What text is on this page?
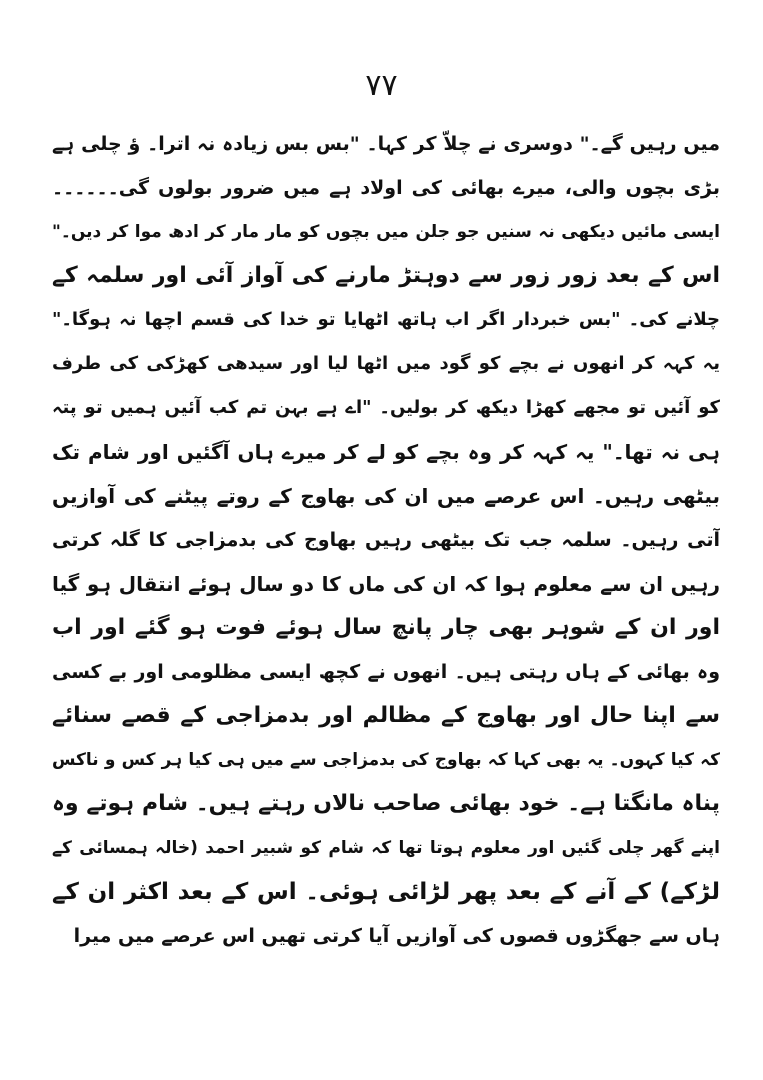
۷۷
میں رہیں گے۔" دوسری نے چلاّ کر کہا۔ "بس بس زیادہ نہ اترا۔ ؤ چلی ہے
بڑی بچوں والی، میرے بھائی کی اولاد ہے میں ضرور بولوں گی۔۔۔۔۔۔
ایسی مائیں دیکھی نہ سنیں جو جلن میں بچوں کو مار مار کر ادھ موا کر دیں۔"
اس کے بعد زور زور سے دوہتڑ مارنے کی آواز آئی اور سلمہ کے
چلانے کی۔ "بس خبردار اگر اب ہاتھ اٹھایا تو خدا کی قسم اچھا نہ ہوگا۔"
یہ کہہ کر انھوں نے بچے کو گود میں اٹھا لیا اور سیدھی کھڑکی کی طرف
کو آئیں تو مجھے کھڑا دیکھ کر بولیں۔ "اے ہے بہن تم کب آئیں ہمیں تو پتہ
ہی نہ تھا۔" یہ کہہ کر وہ بچے کو لے کر میرے ہاں آگئیں اور شام تک
بیٹھی رہیں۔ اس عرصے میں ان کی بھاوج کے روتے پیٹنے کی آوازیں
آتی رہیں۔ سلمہ جب تک بیٹھی رہیں بھاوج کی بدمزاجی کا گلہ کرتی
رہیں ان سے معلوم ہوا کہ ان کی ماں کا دو سال ہوئے انتقال ہو گیا
اور ان کے شوہر بھی چار پانچ سال ہوئے فوت ہو گئے اور اب
وہ بھائی کے ہاں رہتی ہیں۔ انھوں نے کچھ ایسی مظلومی اور بے کسی
سے اپنا حال اور بھاوج کے مظالم اور بدمزاجی کے قصے سنائے
کہ کیا کہوں۔ یہ بھی کہا کہ بھاوج کی بدمزاجی سے میں ہی کیا ہر کس و ناکس
پناہ مانگتا ہے۔ خود بھائی صاحب نالاں رہتے ہیں۔ شام ہوتے وہ
اپنے گھر چلی گئیں اور معلوم ہوتا تھا کہ شام کو شبیر احمد (خالہ ہمسائی کے
لڑکے) کے آنے کے بعد پھر لڑائی ہوئی۔ اس کے بعد اکثر ان کے
ہاں سے جھگڑوں قصوں کی آوازیں آیا کرتی تھیں اس عرصے میں میرا
